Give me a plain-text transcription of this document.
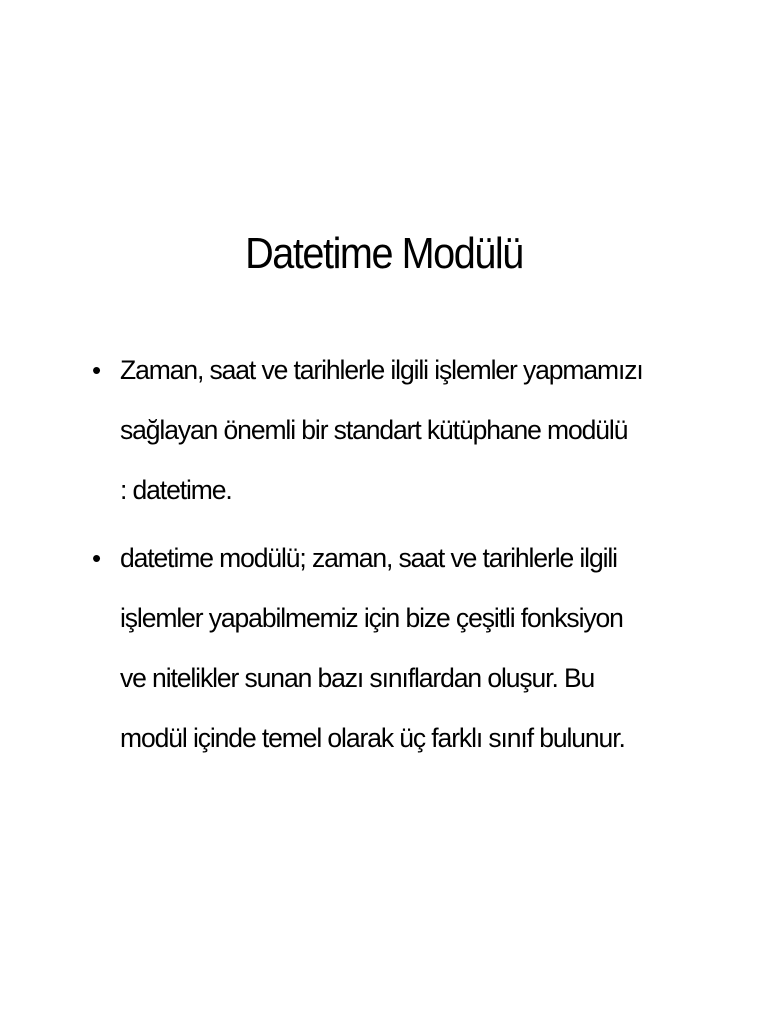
Datetime Modülü
• Zaman, saat ve tarihlerle ilgili işlemler yapmamızı
sağlayan önemli bir standart kütüphane modülü
: datetime.
• datetime modülü; zaman, saat ve tarihlerle ilgili
işlemler yapabilmemiz için bize çeşitli fonksiyon
ve nitelikler sunan bazı sınıflardan oluşur. Bu
modül içinde temel olarak üç farklı sınıf bulunur.
